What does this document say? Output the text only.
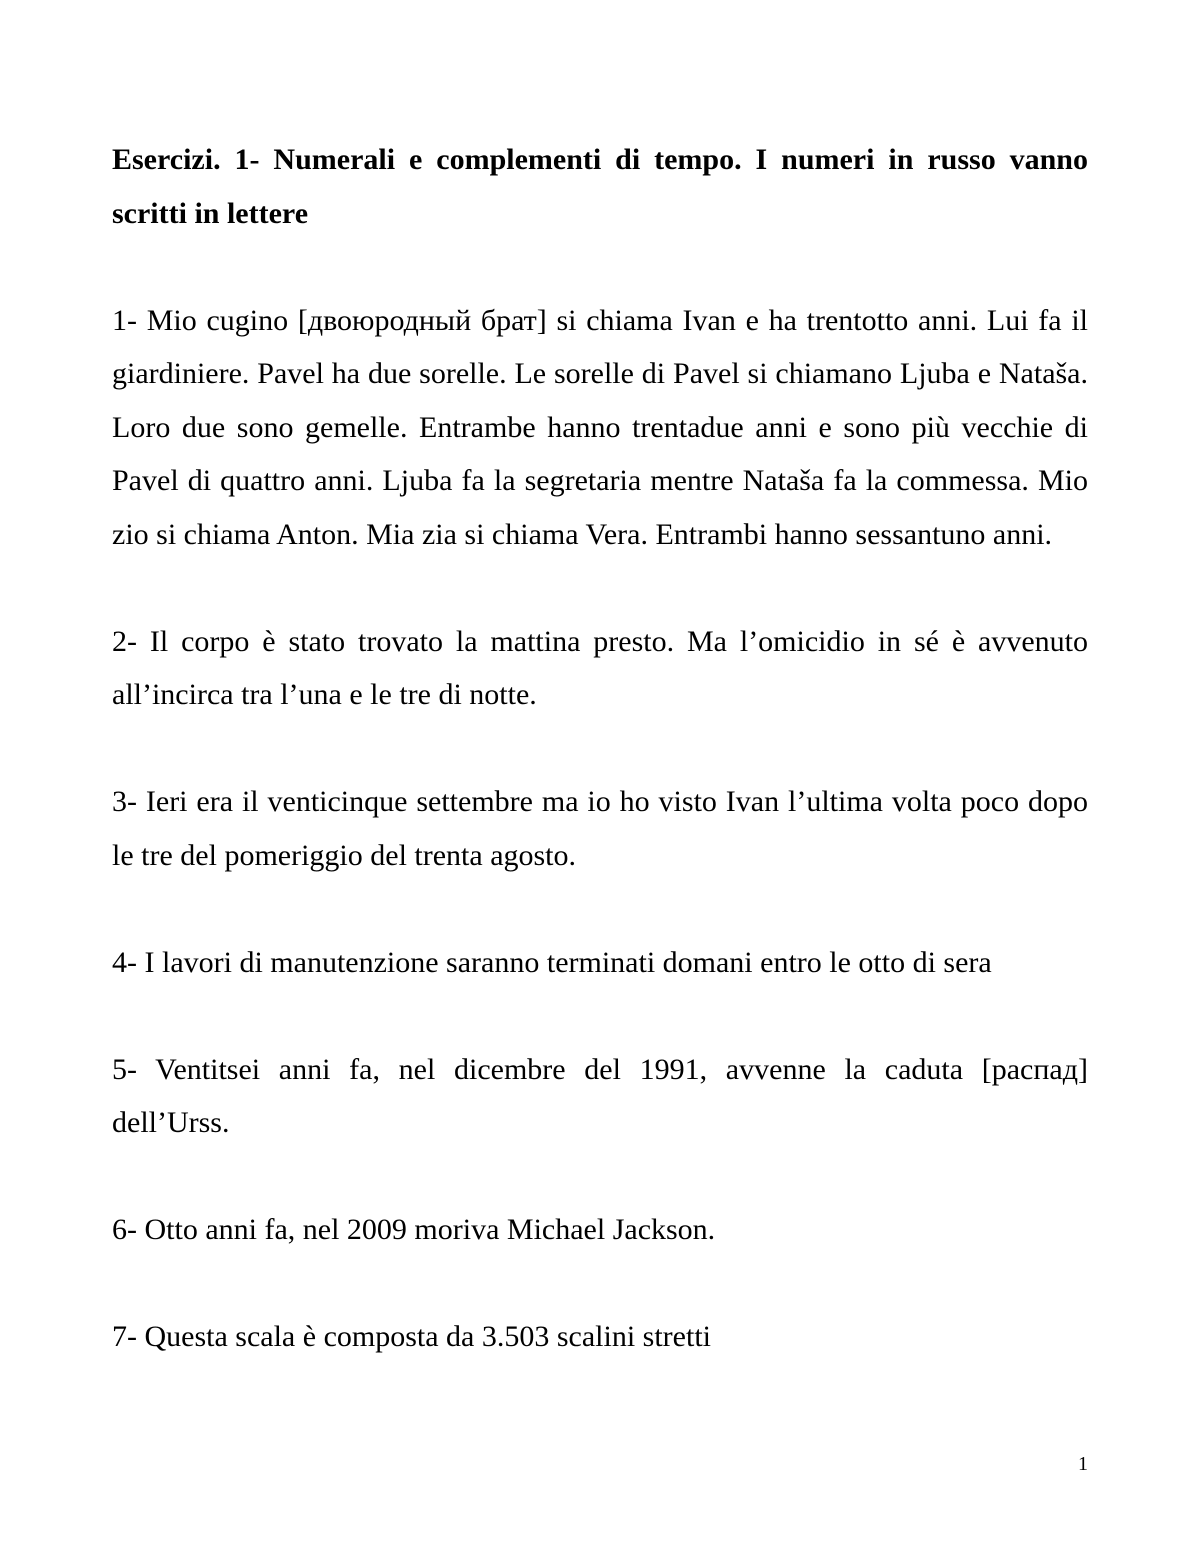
Esercizi. 1- Numerali e complementi di tempo. I numeri in russo vanno scritti in lettere

1- Mio cugino [двоюродный брат] si chiama Ivan e ha trentotto anni. Lui fa il giardiniere. Pavel ha due sorelle. Le sorelle di Pavel si chiamano Ljuba e Nataša. Loro due sono gemelle. Entrambe hanno trentadue anni e sono più vecchie di Pavel di quattro anni. Ljuba fa la segretaria mentre Nataša fa la commessa. Mio zio si chiama Anton. Mia zia si chiama Vera. Entrambi hanno sessantuno anni.

2- Il corpo è stato trovato la mattina presto. Ma l’omicidio in sé è avvenuto all’incirca tra l’una e le tre di notte.

3- Ieri era il venticinque settembre ma io ho visto Ivan l’ultima volta poco dopo le tre del pomeriggio del trenta agosto.

4- I lavori di manutenzione saranno terminati domani entro le otto di sera

5- Ventitsei anni fa, nel dicembre del 1991, avvenne la caduta [распад] dell’Urss.

6- Otto anni fa, nel 2009 moriva Michael Jackson.

7- Questa scala è composta da 3.503 scalini stretti

1
